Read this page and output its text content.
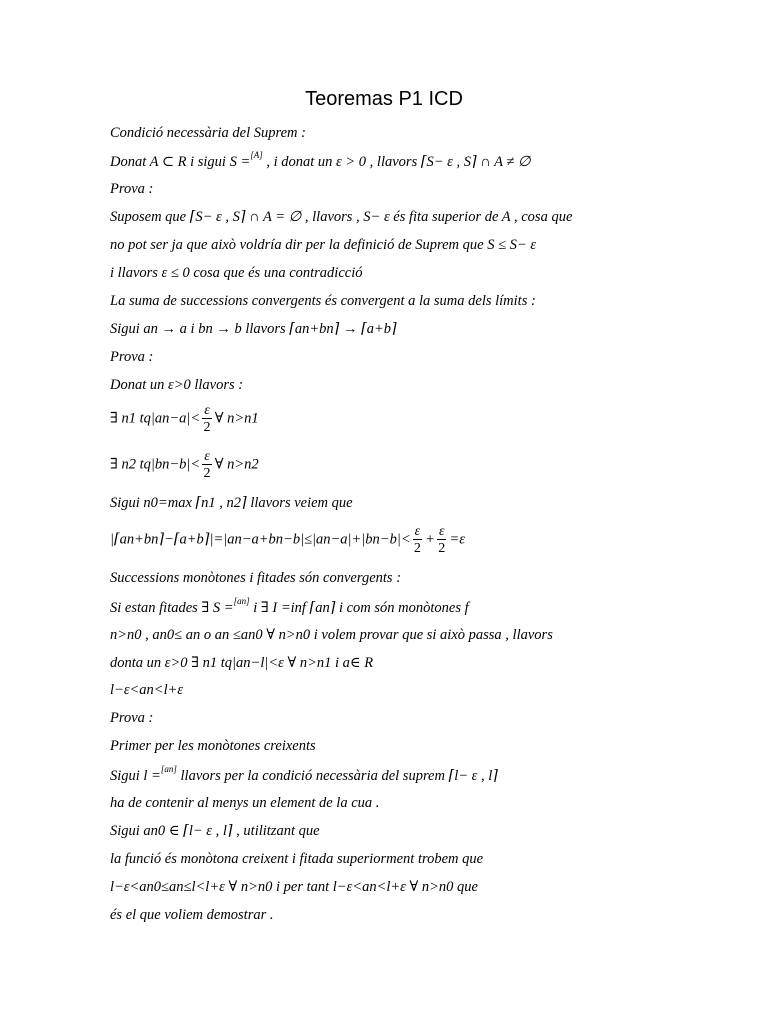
Teoremas P1 ICD
Condició necessària del Suprem :
Donat A ⊂ R i sigui S =[A] , i donat un ε > 0 , llavors ⌈S− ε , S⌉ ∩ A ≠ ∅
Prova :
Suposem que ⌈S− ε , S⌉ ∩ A = ∅ , llavors , S− ε és fita superior de A , cosa que
no pot ser ja que això voldría dir per la definició de Suprem que S ≤ S− ε
i llavors ε ≤ 0 cosa que és una contradicció
La suma de successions convergents és convergent a la suma dels límits :
Sigui an → a i bn → b llavors ⌈an+bn⌉ → ⌈a+b⌉
Prova :
Donat un ε>0 llavors :
∃ n1 $tq|an-a|< \frac{\varepsilon}{2}$ ∀ n>n1
∃ n2 $tq|bn-b|< \frac{\varepsilon}{2}$ ∀ n>n2
Sigui n0=max ⌈n1 , n2⌉ llavors veiem que
|⌈an+bn⌉−⌈a+b⌉|=|an−a+bn−b|≤|an−a|+|bn−b|< $\frac{\varepsilon}{2} + \frac{\varepsilon}{2} =\varepsilon$
Successions monòtones i fitades són convergents :
Si estan fitades ∃ S =[an] i ∃ I =inf ⌈an⌉ i com són monòtones f
n>n0 , an0≤ an o an ≤an0 ∀ n>n0 i volem provar que si això passa , llavors
donta un ε>0 ∃ n1 tq|an−l|<ε ∀ n>n1 i a∈ R
l−ε<an<l+ε
Prova :
Primer per les monòtones creixents
Sigui l =[an] llavors per la condició necessària del suprem ⌈l− ε , l⌉
ha de contenir al menys un element de la cua .
Sigui an0 ∈ ⌈l− ε , l⌉ , utilitzant que
la funció és monòtona creixent i fitada superiorment trobem que
l−ε<an0≤an≤l<l+ε ∀ n>n0 i per tant l−ε<an<l+ε ∀ n>n0 que
és el que voliem demostrar .
